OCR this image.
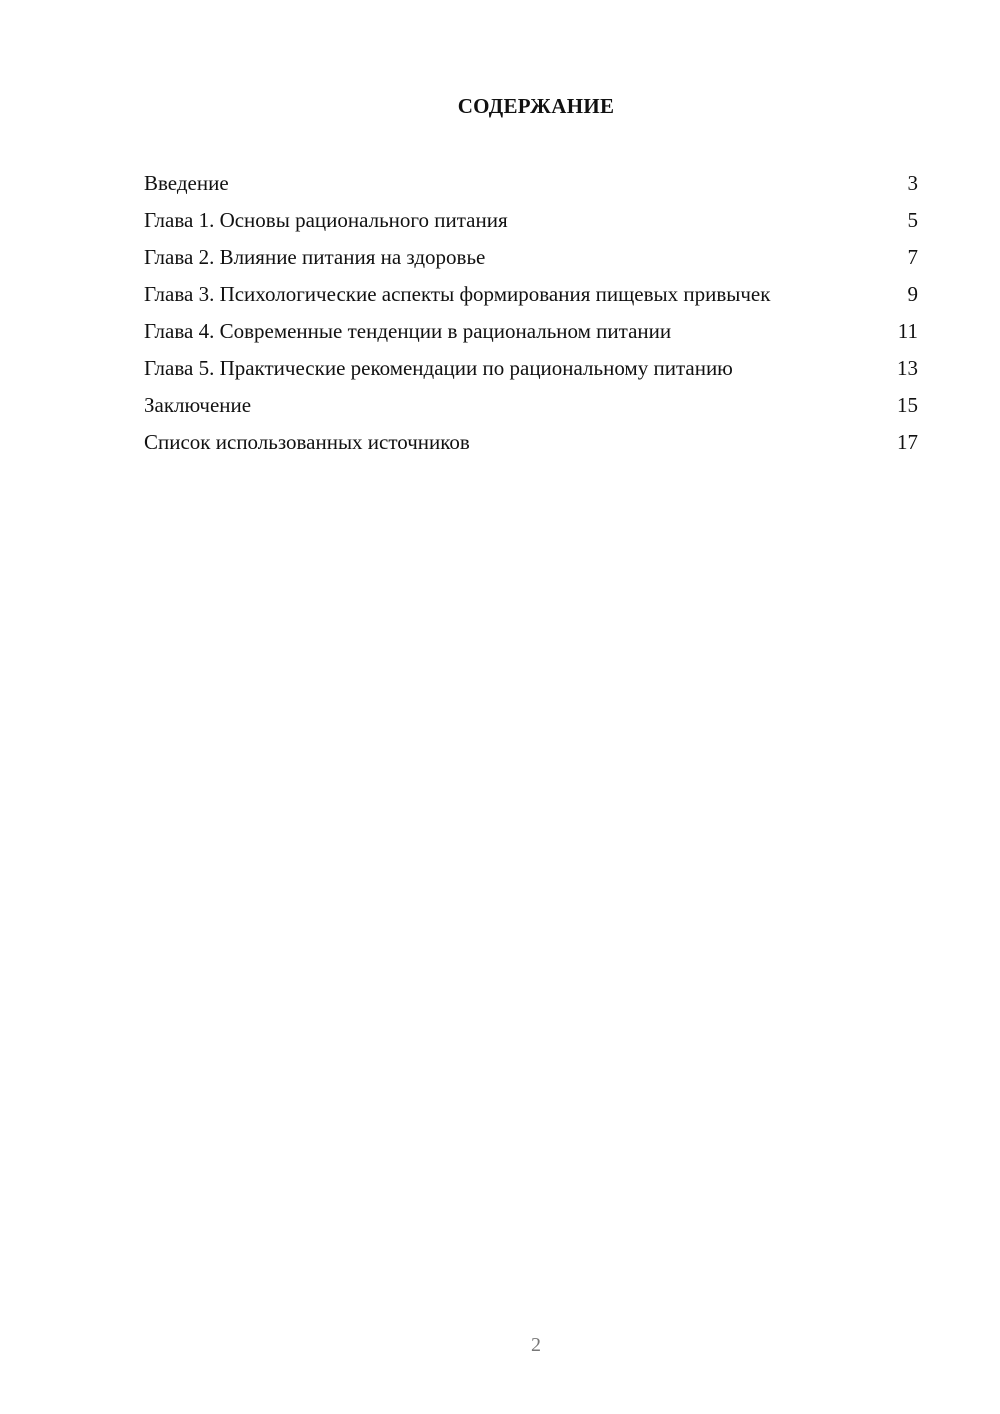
СОДЕРЖАНИЕ
Введение	3
Глава 1. Основы рационального питания	5
Глава 2. Влияние питания на здоровье	7
Глава 3. Психологические аспекты формирования пищевых привычек	9
Глава 4. Современные тенденции в рациональном питании	11
Глава 5. Практические рекомендации по рациональному питанию	13
Заключение	15
Список использованных источников	17
2
